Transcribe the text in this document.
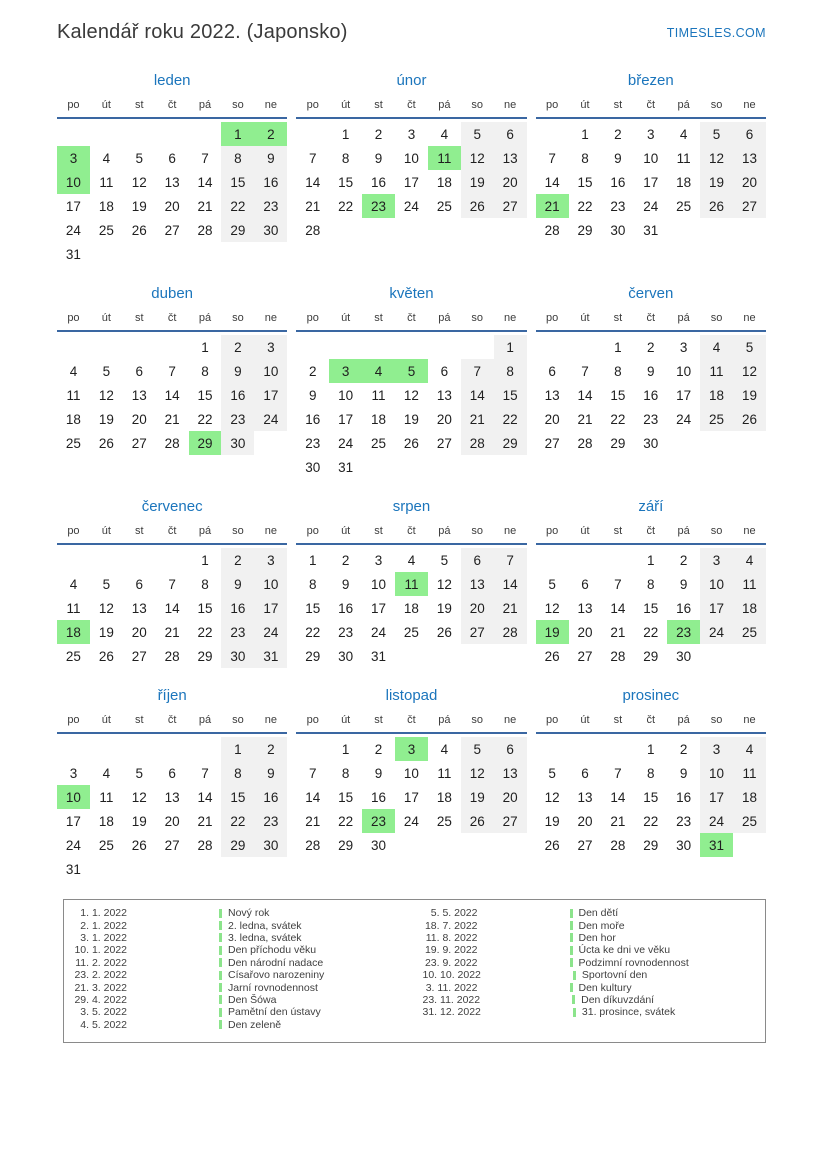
Kalendář roku 2022. (Japonsko)	TIMESLES.COM
leden
po	út	st	čt	pá	so	ne
					1	2
3	4	5	6	7	8	9
10	11	12	13	14	15	16
17	18	19	20	21	22	23
24	25	26	27	28	29	30
31						
únor
po	út	st	čt	pá	so	ne
	1	2	3	4	5	6
7	8	9	10	11	12	13
14	15	16	17	18	19	20
21	22	23	24	25	26	27
28						
březen
po	út	st	čt	pá	so	ne
	1	2	3	4	5	6
7	8	9	10	11	12	13
14	15	16	17	18	19	20
21	22	23	24	25	26	27
28	29	30	31			
duben
po	út	st	čt	pá	so	ne
				1	2	3
4	5	6	7	8	9	10
11	12	13	14	15	16	17
18	19	20	21	22	23	24
25	26	27	28	29	30	
květen
po	út	st	čt	pá	so	ne
						1
2	3	4	5	6	7	8
9	10	11	12	13	14	15
16	17	18	19	20	21	22
23	24	25	26	27	28	29
30	31					
červen
po	út	st	čt	pá	so	ne
		1	2	3	4	5
6	7	8	9	10	11	12
13	14	15	16	17	18	19
20	21	22	23	24	25	26
27	28	29	30			
červenec
po	út	st	čt	pá	so	ne
				1	2	3
4	5	6	7	8	9	10
11	12	13	14	15	16	17
18	19	20	21	22	23	24
25	26	27	28	29	30	31
srpen
po	út	st	čt	pá	so	ne
1	2	3	4	5	6	7
8	9	10	11	12	13	14
15	16	17	18	19	20	21
22	23	24	25	26	27	28
29	30	31				
září
po	út	st	čt	pá	so	ne
			1	2	3	4
5	6	7	8	9	10	11
12	13	14	15	16	17	18
19	20	21	22	23	24	25
26	27	28	29	30		
říjen
po	út	st	čt	pá	so	ne
					1	2
3	4	5	6	7	8	9
10	11	12	13	14	15	16
17	18	19	20	21	22	23
24	25	26	27	28	29	30
31						
listopad
po	út	st	čt	pá	so	ne
	1	2	3	4	5	6
7	8	9	10	11	12	13
14	15	16	17	18	19	20
21	22	23	24	25	26	27
28	29	30				
prosinec
po	út	st	čt	pá	so	ne
			1	2	3	4
5	6	7	8	9	10	11
12	13	14	15	16	17	18
19	20	21	22	23	24	25
26	27	28	29	30	31	
1. 1. 2022	Nový rok
2. 1. 2022	2. ledna, svátek
3. 1. 2022	3. ledna, svátek
10. 1. 2022	Den příchodu věku
11. 2. 2022	Den národní nadace
23. 2. 2022	Císařovo narozeniny
21. 3. 2022	Jarní rovnodennost
29. 4. 2022	Den Šówa
3. 5. 2022	Pamětní den ústavy
4. 5. 2022	Den zeleně
5. 5. 2022	Den dětí
18. 7. 2022	Den moře
11. 8. 2022	Den hor
19. 9. 2022	Úcta ke dni ve věku
23. 9. 2022	Podzimní rovnodennost
10. 10. 2022	Sportovní den
3. 11. 2022	Den kultury
23. 11. 2022	Den díkuvzdání
31. 12. 2022	31. prosince, svátek
